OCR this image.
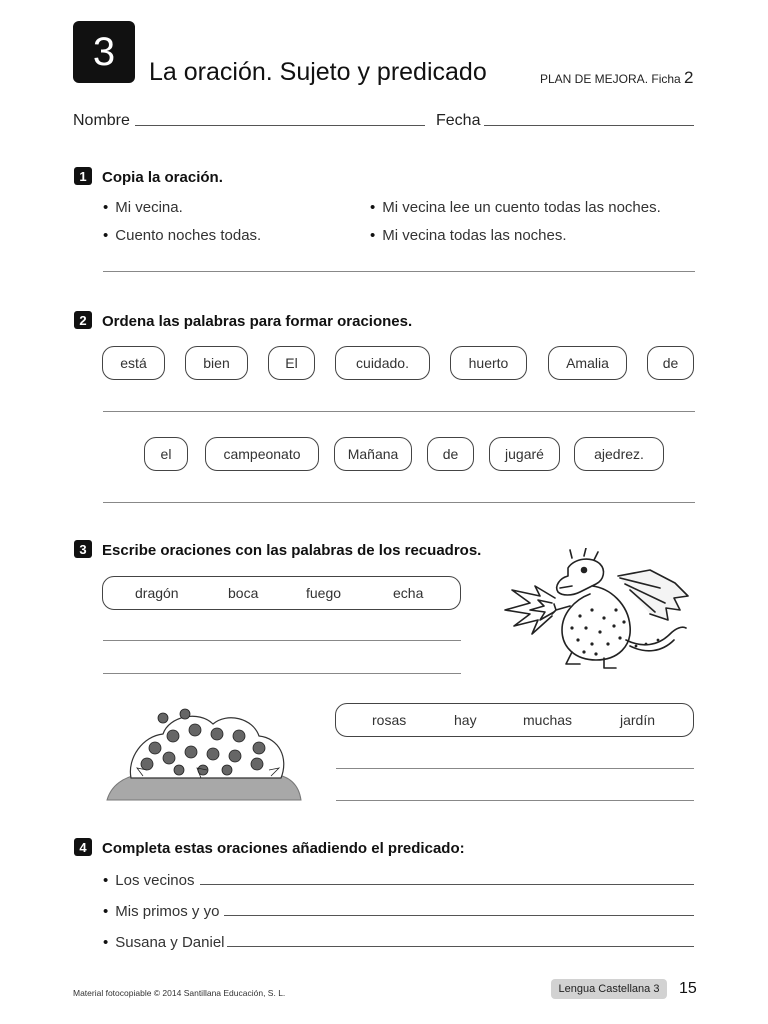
3	La oración. Sujeto y predicado	PLAN DE MEJORA. Ficha 2
Nombre	Fecha
1	Copia la oración.
• Mi vecina.
• Cuento noches todas.
• Mi vecina lee un cuento todas las noches.
• Mi vecina todas las noches.
2	Ordena las palabras para formar oraciones.
está	bien	El	cuidado.	huerto	Amalia	de
el	campeonato	Mañana	de	jugaré	ajedrez.
3	Escribe oraciones con las palabras de los recuadros.
dragón	boca	fuego	echa
rosas	hay	muchas	jardín
4	Completa estas oraciones añadiendo el predicado:
• Los vecinos
• Mis primos y yo
• Susana y Daniel
Material fotocopiable © 2014 Santillana Educación, S. L.	Lengua Castellana 3	15
